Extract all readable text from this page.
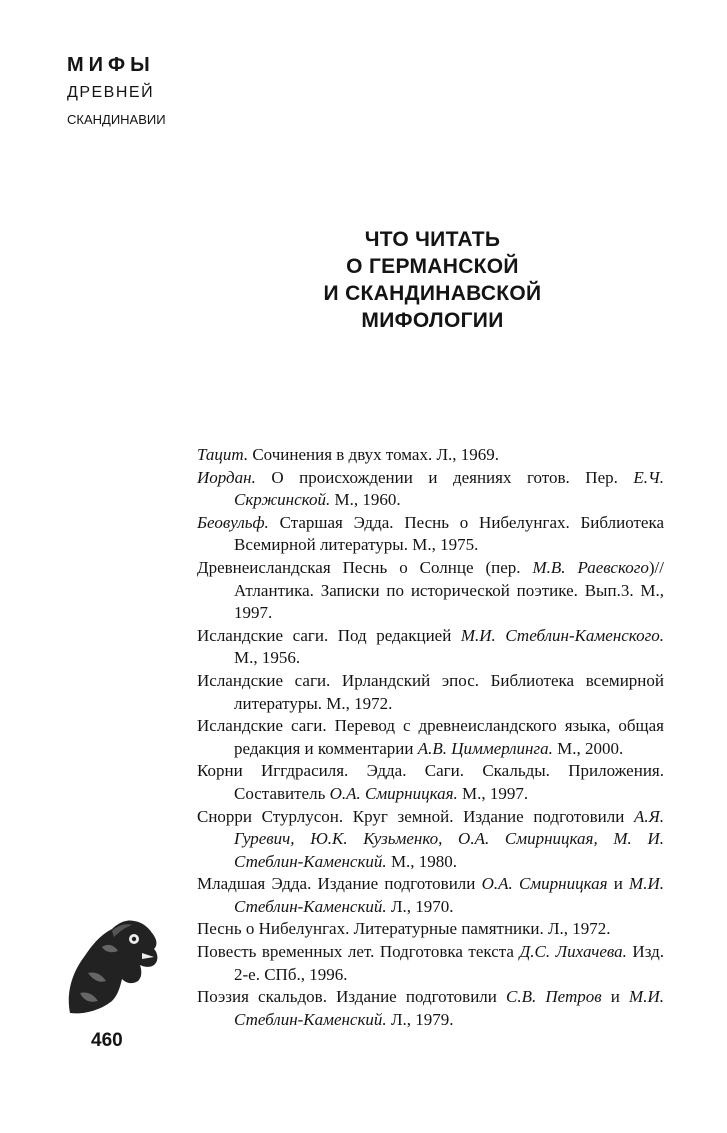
МИФЫ
ДРЕВНЕЙ
СКАНДИНАВИИ
ЧТО ЧИТАТЬ
О ГЕРМАНСКОЙ
И СКАНДИНАВСКОЙ
МИФОЛОГИИ
Тацит. Сочинения в двух томах. Л., 1969.
Иордан. О происхождении и деяниях готов. Пер. Е.Ч. Скржинской. М., 1960.
Беовульф. Старшая Эдда. Песнь о Нибелунгах. Библиотека Всемирной литературы. М., 1975.
Древнеисландская Песнь о Солнце (пер. М.В. Раевского)// Атлантика. Записки по исторической поэтике. Вып.3. М., 1997.
Исландские саги. Под редакцией М.И. Стеблин-Каменского. М., 1956.
Исландские саги. Ирландский эпос. Библиотека всемирной литературы. М., 1972.
Исландские саги. Перевод с древнеисландского языка, общая редакция и комментарии А.В. Циммерлинга. М., 2000.
Корни Иггдрасиля. Эдда. Саги. Скальды. Приложения. Составитель О.А. Смирницкая. М., 1997.
Снорри Стурлусон. Круг земной. Издание подготовили А.Я. Гуревич, Ю.К. Кузьменко, О.А. Смирницкая, М. И. Стеблин-Каменский. М., 1980.
Младшая Эдда. Издание подготовили О.А. Смирницкая и М.И. Стеблин-Каменский. Л., 1970.
Песнь о Нибелунгах. Литературные памятники. Л., 1972.
Повесть временных лет. Подготовка текста Д.С. Лихачева. Изд. 2-е. СПб., 1996.
Поэзия скальдов. Издание подготовили С.В. Петров и М.И. Стеблин-Каменский. Л., 1979.
460
